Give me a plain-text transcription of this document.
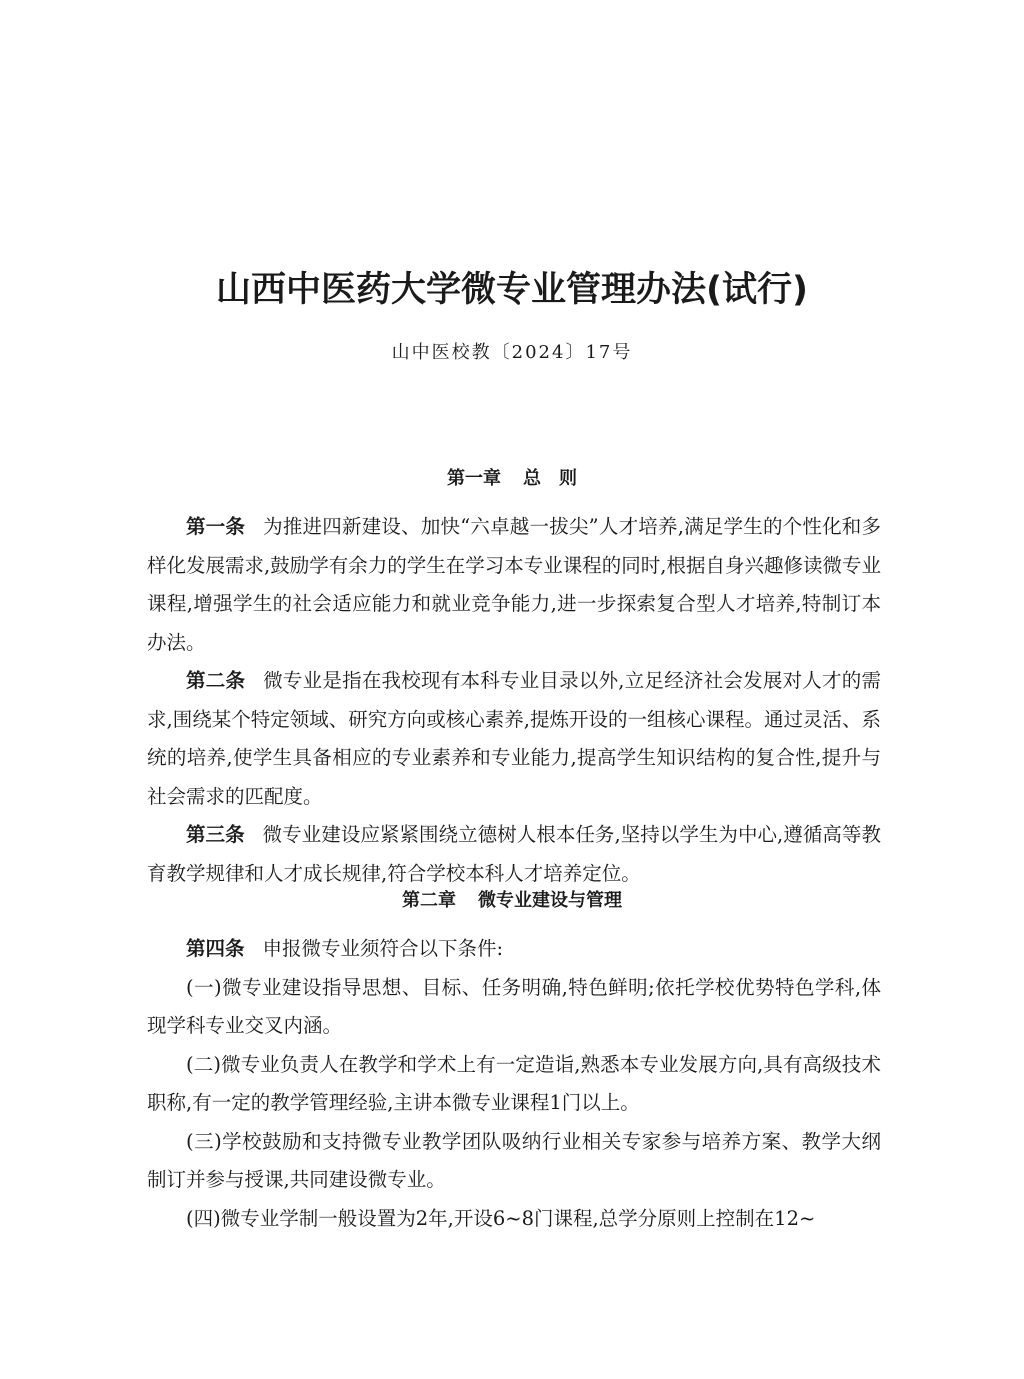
山西中医药大学微专业管理办法(试行)

山中医校教〔2024〕17号

第一章 总　则

第一条 为推进四新建设、加快“六卓越一拔尖”人才培养,满足学生的个性化和多样化发展需求,鼓励学有余力的学生在学习本专业课程的同时,根据自身兴趣修读微专业课程,增强学生的社会适应能力和就业竞争能力,进一步探索复合型人才培养,特制订本办法。

第二条 微专业是指在我校现有本科专业目录以外,立足经济社会发展对人才的需求,围绕某个特定领域、研究方向或核心素养,提炼开设的一组核心课程。通过灵活、系统的培养,使学生具备相应的专业素养和专业能力,提高学生知识结构的复合性,提升与社会需求的匹配度。

第三条 微专业建设应紧紧围绕立德树人根本任务,坚持以学生为中心,遵循高等教育教学规律和人才成长规律,符合学校本科人才培养定位。

第二章 微专业建设与管理

第四条 申报微专业须符合以下条件:

(一)微专业建设指导思想、目标、任务明确,特色鲜明;依托学校优势特色学科,体现学科专业交叉内涵。

(二)微专业负责人在教学和学术上有一定造诣,熟悉本专业发展方向,具有高级技术职称,有一定的教学管理经验,主讲本微专业课程1门以上。

(三)学校鼓励和支持微专业教学团队吸纳行业相关专家参与培养方案、教学大纲制订并参与授课,共同建设微专业。

(四)微专业学制一般设置为2年,开设6~8门课程,总学分原则上控制在12~
